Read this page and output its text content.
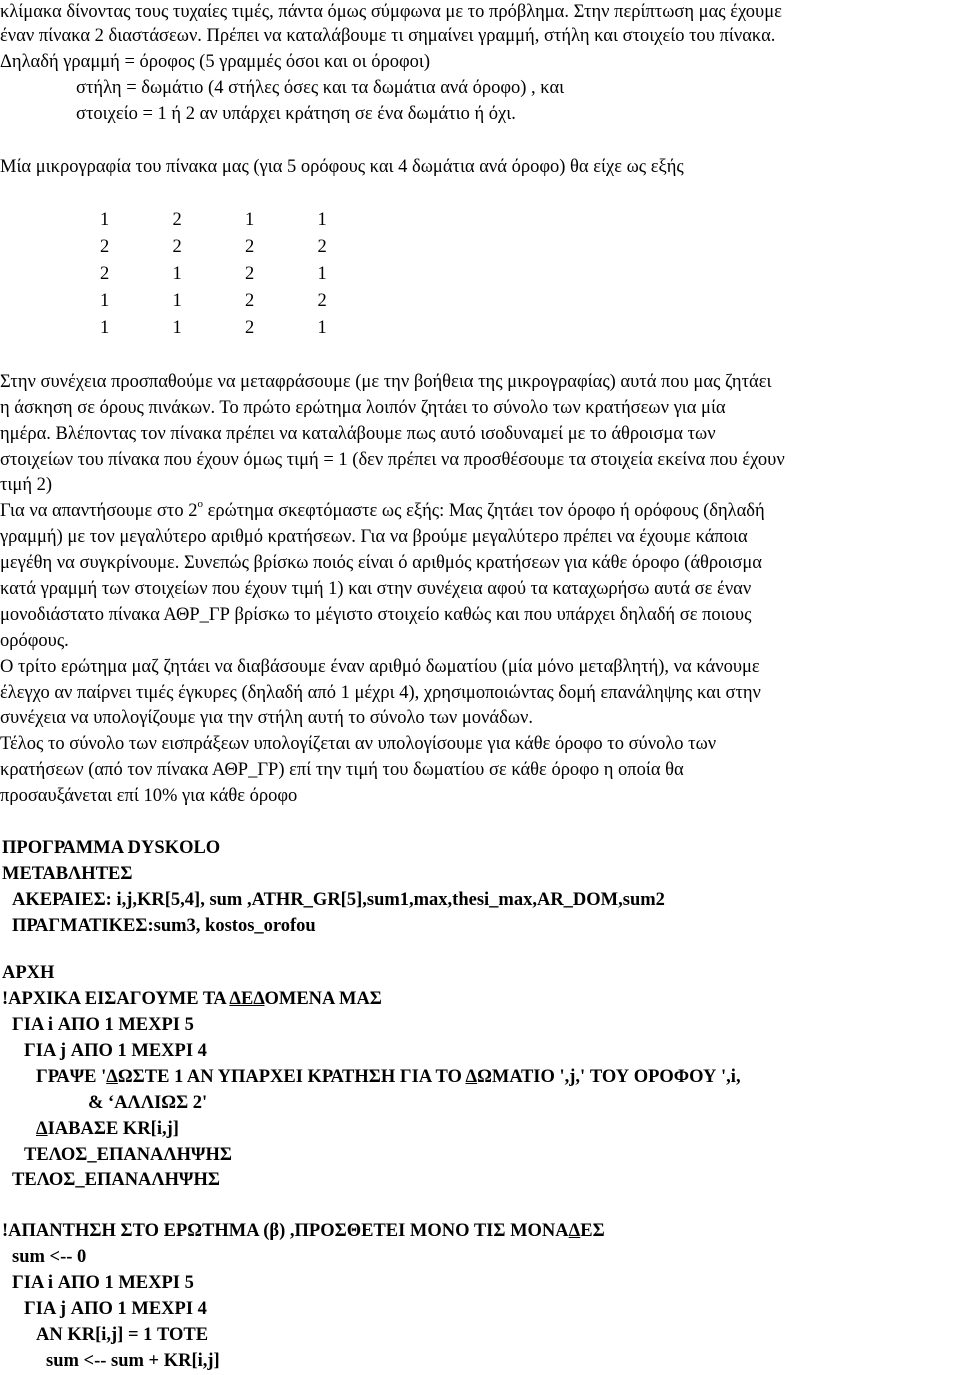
κλίμακα δίνοντας τους τυχαίες τιμές, πάντα όμως σύμφωνα με το πρόβλημα. Στην περίπτωση μας έχουμε
έναν πίνακα 2 διαστάσεων. Πρέπει να καταλάβουμε τι σημαίνει γραμμή, στήλη και στοιχείο του πίνακα.
Δηλαδή γραμμή = όροφος (5 γραμμές όσοι και οι όροφοι)
στήλη = δωμάτιο (4 στήλες όσες και τα δωμάτια ανά όροφο) , και
στοιχείο = 1 ή 2 αν υπάρχει κράτηση σε ένα δωμάτιο ή όχι.
Μία μικρογραφία του πίνακα μας (για 5 ορόφους και 4 δωμάτια ανά όροφο) θα είχε ως εξής
1	2	1	1
2	2	2	2
2	1	2	1
1	1	2	2
1	1	2	1
Στην συνέχεια προσπαθούμε να μεταφράσουμε (με την βοήθεια της μικρογραφίας) αυτά που μας ζητάει
η άσκηση σε όρους πινάκων. Το πρώτο ερώτημα λοιπόν ζητάει το σύνολο των κρατήσεων για μία
ημέρα. Βλέποντας τον πίνακα πρέπει να καταλάβουμε πως αυτό ισοδυναμεί με το άθροισμα των
στοιχείων του πίνακα που έχουν όμως τιμή = 1 (δεν πρέπει να προσθέσουμε τα στοιχεία εκείνα που έχουν
τιμή 2)
Για να απαντήσουμε στο $2^o$ ερώτημα σκεφτόμαστε ως εξής: Μας ζητάει τον όροφο ή ορόφους (δηλαδή
γραμμή) με τον μεγαλύτερο αριθμό κρατήσεων. Για να βρούμε μεγαλύτερο πρέπει να έχουμε κάποια
μεγέθη να συγκρίνουμε. Συνεπώς βρίσκω ποιός είναι ό αριθμός κρατήσεων για κάθε όροφο (άθροισμα
κατά γραμμή των στοιχείων που έχουν τιμή 1) και στην συνέχεια αφού τα καταχωρήσω αυτά σε έναν
μονοδιάστατο πίνακα ΑΘΡ_ΓΡ βρίσκω το μέγιστο στοιχείο καθώς και που υπάρχει δηλαδή σε ποιους
ορόφους.
Ο τρίτο ερώτημα μαζ ζητάει να διαβάσουμε έναν αριθμό δωματίου (μία μόνο μεταβλητή), να κάνουμε
έλεγχο αν παίρνει τιμές έγκυρες (δηλαδή από 1 μέχρι 4), χρησιμοποιώντας δομή επανάληψης και στην
συνέχεια να υπολογίζουμε για την στήλη αυτή το σύνολο των μονάδων.
Τέλος το σύνολο των εισπράξεων υπολογίζεται αν υπολογίσουμε για κάθε όροφο το σύνολο των
κρατήσεων (από τον πίνακα ΑΘΡ_ΓΡ) επί την τιμή του δωματίου σε κάθε όροφο η οποία θα
προσαυξάνεται επί 10% για κάθε όροφο
ΠΡΟΓΡΑΜΜΑ DYSKOLO
ΜΕΤΑΒΛΗΤΕΣ
ΑΚΕΡΑΙΕΣ: i,j,KR[5,4], sum ,ATHR_GR[5],sum1,max,thesi_max,AR_DOM,sum2
ΠΡΑΓΜΑΤΙΚΕΣ:sum3, kostos_orofou
ΑΡΧΗ
!ΑΡΧΙΚΑ ΕΙΣΑΓΟΥΜΕ ΤΑ ΔΕΔΟΜΕΝΑ ΜΑΣ
ΓΙΑ i ΑΠΟ 1 ΜΕΧΡΙ 5
ΓΙΑ j ΑΠΟ 1 ΜΕΧΡΙ 4
ΓΡΑΨΕ 'ΔΩΣΤΕ 1 ΑΝ ΥΠΑΡΧΕΙ ΚΡΑΤΗΣΗ ΓΙΑ ΤΟ ΔΩΜΑΤΙΟ ',j,' ΤΟΥ ΟΡΟΦΟΥ ',i,
& ‘ΑΛΛΙΩΣ 2'
ΔΙΑΒΑΣΕ KR[i,j]
ΤΕΛΟΣ_ΕΠΑΝΑΛΗΨΗΣ
ΤΕΛΟΣ_ΕΠΑΝΑΛΗΨΗΣ
!ΑΠΑΝΤΗΣΗ ΣΤΟ ΕΡΩΤΗΜΑ (β) ,ΠΡΟΣΘΕΤΕΙ ΜΟΝΟ ΤΙΣ ΜΟΝΑΔΕΣ
sum <-- 0
ΓΙΑ i ΑΠΟ 1 ΜΕΧΡΙ 5
ΓΙΑ j ΑΠΟ 1 ΜΕΧΡΙ 4
ΑΝ KR[i,j] = 1 ΤΟΤΕ
sum <-- sum + KR[i,j]
